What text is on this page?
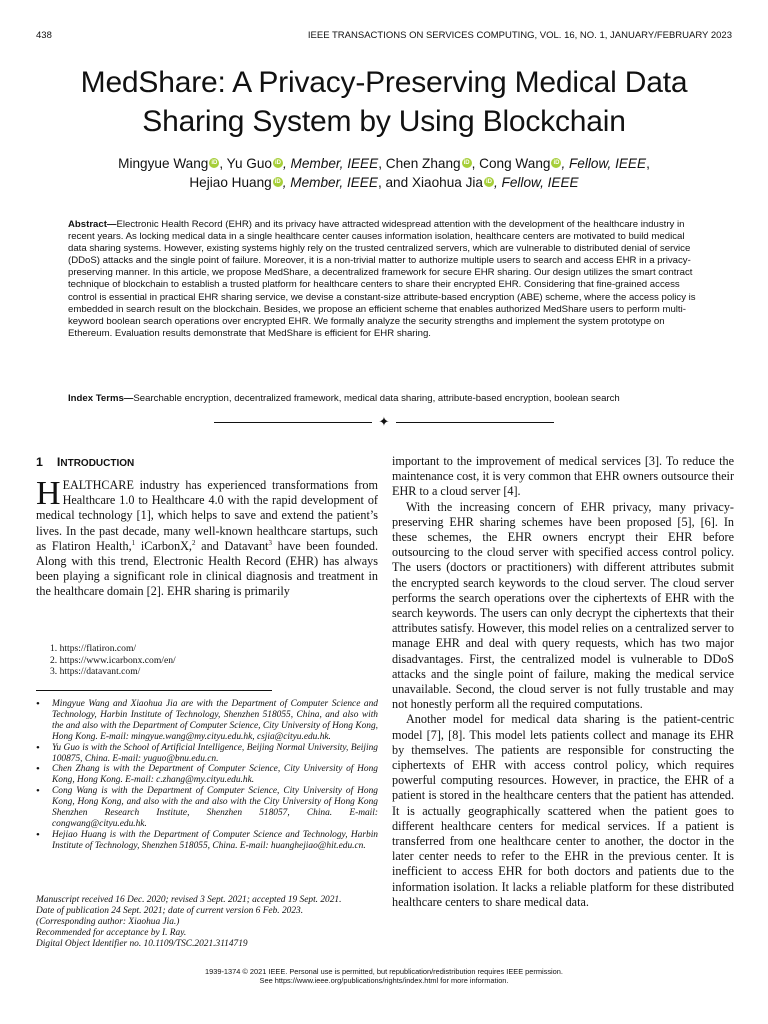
438	IEEE TRANSACTIONS ON SERVICES COMPUTING, VOL. 16, NO. 1, JANUARY/FEBRUARY 2023
MedShare: A Privacy-Preserving Medical Data
Sharing System by Using Blockchain
Mingyue Wang iD , Yu Guo iD , Member, IEEE, Chen Zhang iD , Cong Wang iD , Fellow, IEEE,
Hejiao Huang iD , Member, IEEE, and Xiaohua Jia iD , Fellow, IEEE
Abstract—Electronic Health Record (EHR) and its privacy have attracted widespread attention with the development of the healthcare industry in recent years. As locking medical data in a single healthcare center causes information isolation, healthcare centers are motivated to build medical data sharing systems. However, existing systems highly rely on the trusted centralized servers, which are vulnerable to distributed denial of service (DDoS) attacks and the single point of failure. Moreover, it is a non-trivial matter to authorize multiple users to search and access EHR in a privacy-preserving manner. In this article, we propose MedShare, a decentralized framework for secure EHR sharing. Our design utilizes the smart contract technique of blockchain to establish a trusted platform for healthcare centers to share their encrypted EHR. Considering that fine-grained access control is essential in practical EHR sharing service, we devise a constant-size attribute-based encryption (ABE) scheme, where the access policy is embedded in search result on the blockchain. Besides, we propose an efficient scheme that enables authorized MedShare users to perform multi-keyword boolean search operations over encrypted EHR. We formally analyze the security strengths and implement the system prototype on Ethereum. Evaluation results demonstrate that MedShare is efficient for EHR sharing.
Index Terms—Searchable encryption, decentralized framework, medical data sharing, attribute-based encryption, boolean search
✦
1 INTRODUCTION

HEALTHCARE industry has experienced transformations from Healthcare 1.0 to Healthcare 4.0 with the rapid development of medical technology [1], which helps to save and extend the patient’s lives. In the past decade, many well-known healthcare startups, such as Flatiron Health,$^1$ iCarbonX,$^2$ and Datavant$^3$ have been founded. Along with this trend, Electronic Health Record (EHR) has always been playing a significant role in clinical diagnosis and treatment in the healthcare domain [2]. EHR sharing is primarily

1. https://flatiron.com/
2. https://www.icarbonx.com/en/
3. https://datavant.com/
• Mingyue Wang and Xiaohua Jia are with the Department of Computer Science and Technology, Harbin Institute of Technology, Shenzhen 518055, China, and also with the and also with the Department of Computer Science, City University of Hong Kong, Hong Kong. E-mail: mingyue.wang@my.cityu.edu.hk, csjia@cityu.edu.hk.
• Yu Guo is with the School of Artificial Intelligence, Beijing Normal University, Beijing 100875, China. E-mail: yuguo@bnu.edu.cn.
• Chen Zhang is with the Department of Computer Science, City University of Hong Kong, Hong Kong. E-mail: c.zhang@my.cityu.edu.hk.
• Cong Wang is with the Department of Computer Science, City University of Hong Kong, Hong Kong, and also with the and also with the City University of Hong Kong Shenzhen Research Institute, Shenzhen 518057, China. E-mail: congwang@cityu.edu.hk.
• Hejiao Huang is with the Department of Computer Science and Technology, Harbin Institute of Technology, Shenzhen 518055, China. E-mail: huanghejiao@hit.edu.cn.
Manuscript received 16 Dec. 2020; revised 3 Sept. 2021; accepted 19 Sept. 2021.
Date of publication 24 Sept. 2021; date of current version 6 Feb. 2023.
(Corresponding author: Xiaohua Jia.)
Recommended for acceptance by I. Ray.
Digital Object Identifier no. 10.1109/TSC.2021.3114719

important to the improvement of medical services [3]. To reduce the maintenance cost, it is very common that EHR owners outsource their EHR to a cloud server [4].

With the increasing concern of EHR privacy, many privacy-preserving EHR sharing schemes have been proposed [5], [6]. In these schemes, the EHR owners encrypt their EHR before outsourcing to the cloud server with specified access control policy. The users (doctors or practitioners) with different attributes submit the encrypted search keywords to the cloud server. The cloud server performs the search operations over the ciphertexts of EHR with the search keywords. The users can only decrypt the ciphertexts that their attributes satisfy. However, this model relies on a centralized server to manage EHR and deal with query requests, which has two major disadvantages. First, the centralized model is vulnerable to DDoS attacks and the single point of failure, making the medical service unavailable. Second, the cloud server is not fully trustable and may not honestly perform all the required computations.

Another model for medical data sharing is the patient-centric model [7], [8]. This model lets patients collect and manage its EHR by themselves. The patients are responsible for constructing the ciphertexts of EHR with access control policy, which requires powerful computing resources. However, in practice, the EHR of a patient is stored in the healthcare centers that the patient has attended. It is actually geographically scattered when the patient goes to different healthcare centers for medical services. If a patient is transferred from one healthcare center to another, the doctor in the later center needs to refer to the EHR in the previous center. It is inefficient to access EHR for both doctors and patients due to the information isolation. It lacks a reliable platform for these distributed healthcare centers to share medical data.

1939-1374 © 2021 IEEE. Personal use is permitted, but republication/redistribution requires IEEE permission.
See https://www.ieee.org/publications/rights/index.html for more information.
